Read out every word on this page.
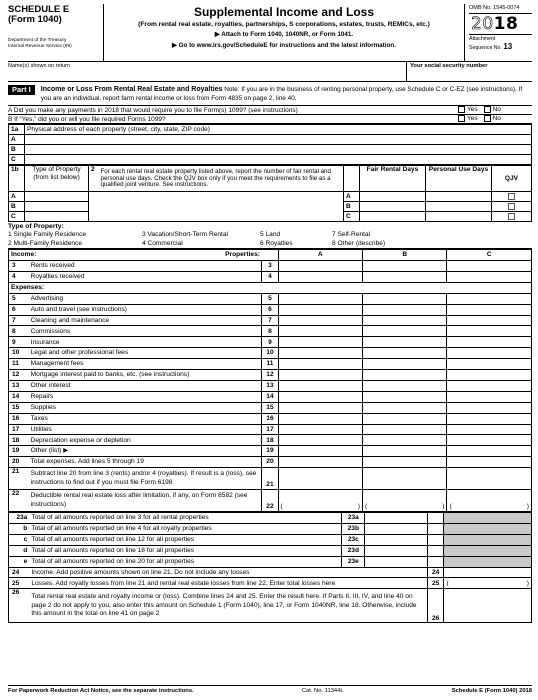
SCHEDULE E
(Form 1040)
Department of the Treasury
Internal Revenue Service (99)
Supplemental Income and Loss
(From rental real estate, royalties, partnerships, S corporations, estates, trusts, REMICs, etc.)
▶ Attach to Form 1040, 1040NR, or Form 1041.
▶ Go to www.irs.gov/ScheduleE for instructions and the latest information.
OMB No. 1545-0074
2018
Attachment
Sequence No. 13
Name(s) shown on return	Your social security number
Part I	Income or Loss From Rental Real Estate and Royalties Note: If you are in the business of renting personal property, use Schedule C or C-EZ (see instructions). If you are an individual, report farm rental income or loss from Form 4835 on page 2, line 40.
A Did you make any payments in 2018 that would require you to file Form(s) 1099? (see instructions)	Yes	No
B If “Yes,” did you or will you file required Forms 1099?	Yes	No
1a	Physical address of each property (street, city, state, ZIP code)
A	
B	
C	
1b	Type of Property (from list below)	2	For each rental real estate property listed above, report the number of fair rental and personal use days. Check the QJV box only if you meet the requirements to file as a qualified joint venture. See instructions.		Fair Rental Days	Personal Use Days	QJV
A				A			
B				B			
C				C			
Type of Property:
1 Single Family Residence	3 Vacation/Short-Term Rental	5 Land	7 Self-Rental
2 Multi-Family Residence	4 Commercial	6 Royalties	8 Other (describe)
Income: Properties:			A	B	C
3	Rents received	3			
4	Royalties received	4			
Expenses:					
5	Advertising	5			
6	Auto and travel (see instructions)	6			
7	Cleaning and maintenance	7			
8	Commissions	8			
9	Insurance	9			
10	Legal and other professional fees	10			
11	Management fees	11			
12	Mortgage interest paid to banks, etc. (see instructions)	12			
13	Other interest	13			
14	Repairs	14			
15	Supplies	15			
16	Taxes	16			
17	Utilities	17			
18	Depreciation expense or depletion	18			
19	Other (list) ▶	19			
20	Total expenses. Add lines 5 through 19	20			
21	Subtract line 20 from line 3 (rents) and/or 4 (royalties). If result is a (loss), see instructions to find out if you must file Form 6198	21			
22	Deductible rental real estate loss after limitation, if any, on Form 8582 (see instructions)	22	( )	( )	( )
23a	Total of all amounts reported on line 3 for all rental properties	23a			
b	Total of all amounts reported on line 4 for all royalty properties	23b			
c	Total of all amounts reported on line 12 for all properties	23c			
d	Total of all amounts reported on line 18 for all properties	23d			
e	Total of all amounts reported on line 20 for all properties	23e			
24	Income. Add positive amounts shown on line 21. Do not include any losses			24	
25	Losses. Add royalty losses from line 21 and rental real estate losses from line 22. Enter total losses here			25	( )

26	Total rental real estate and royalty income or (loss). Combine lines 24 and 25. Enter the result here. If Parts II, III, IV, and line 40 on page 2 do not apply to you, also enter this amount on Schedule 1 (Form 1040), line 17, or Form 1040NR, line 18. Otherwise, include this amount in the total on line 41 on page 2			26	
For Paperwork Reduction Act Notice, see the separate instructions.	Cat. No. 11344L	Schedule E (Form 1040) 2018
